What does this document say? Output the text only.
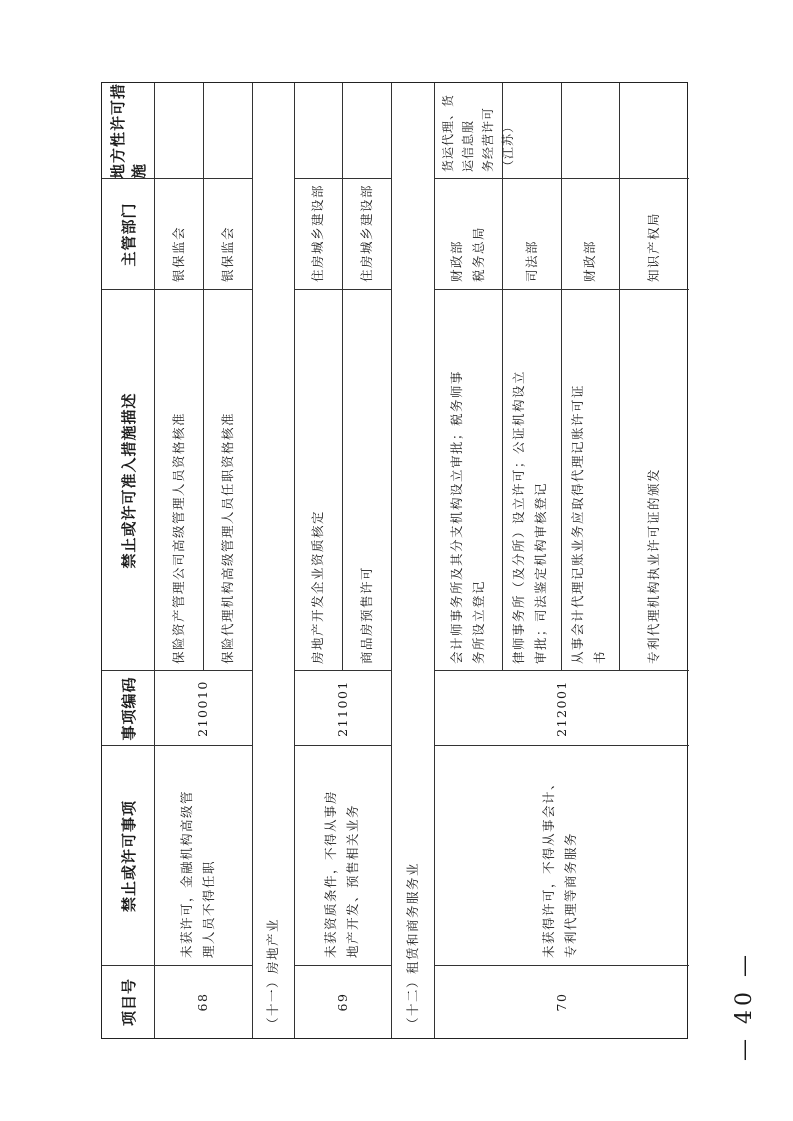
项目号
禁止或许可事项
事项编码
禁止或许可准入措施描述
主管部门
地方性许可措施
68
未获许可，金融机构高级管 理人员不得任职
210010
保险资产管理公司高级管理人员资格核准
银保监会
保险代理机构高级管理人员任职资格核准
银保监会
（十一）房地产业	69
未获资质条件，不得从事房 地产开发、预售相关业务
211001
房地产开发企业资质核定
住房城乡建设部
商品房预售许可
住房城乡建设部
（十二）租赁和商务服务业	70
未获得许可，不得从事会计、 专利代理等商务服务
212001
会计师事务所及其分支机构设立审批；税务师事 务所设立登记
财政部 税务总局
货运代理、货运信息服 务经营许可（江苏）
律师事务所（及分所）设立许可；公证机构设立 审批；司法鉴定机构审核登记
司法部
从事会计代理记账业务应取得代理记账许可证 书
财政部
专利代理机构执业许可证的颁发
知识产权局
— 40 —
